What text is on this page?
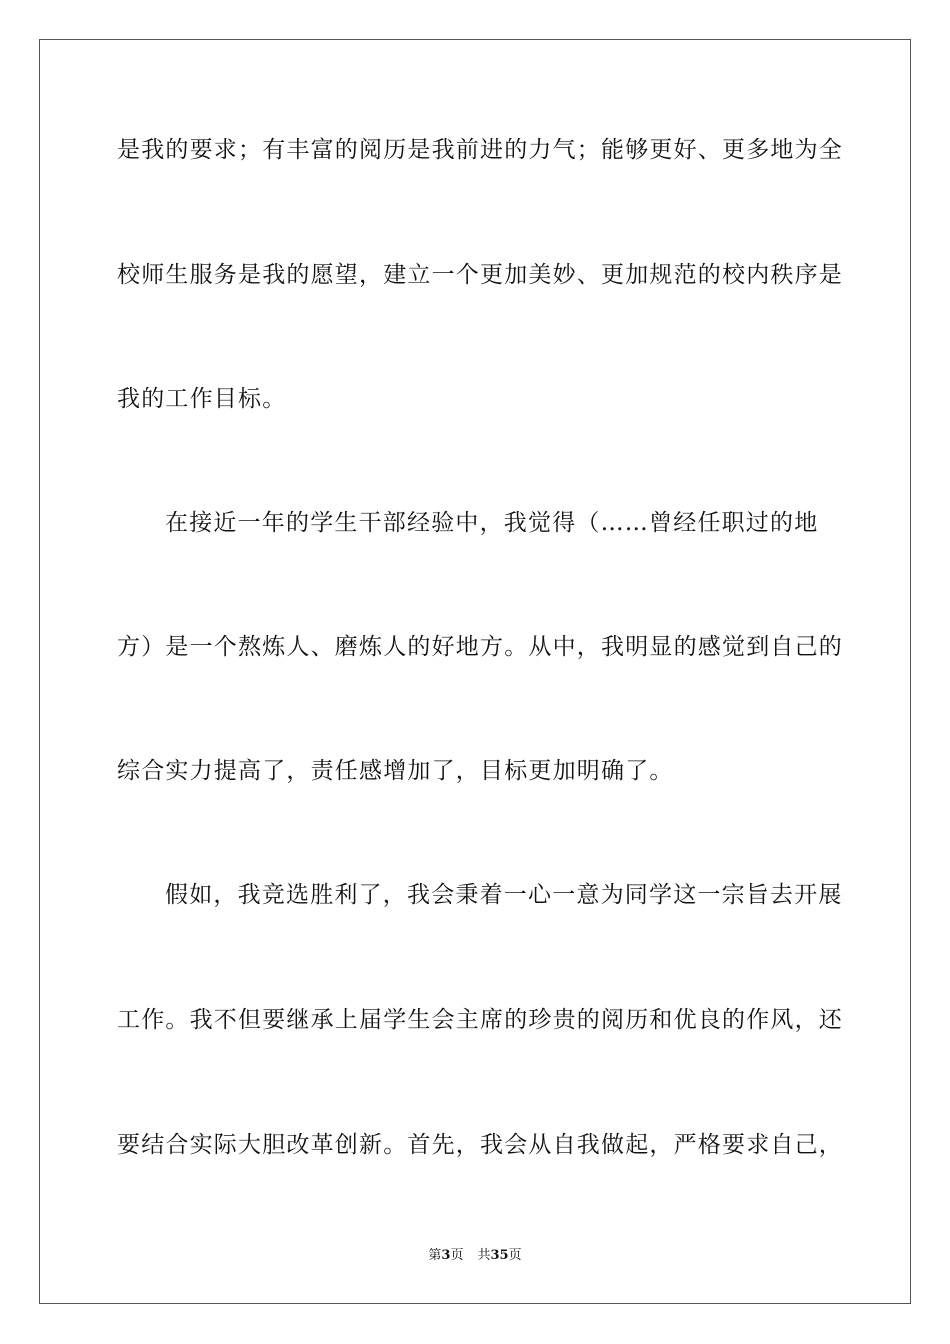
是我的要求；有丰富的阅历是我前进的力气；能够更好、更多地为全
校师生服务是我的愿望，建立一个更加美妙、更加规范的校内秩序是
我的工作目标。
在接近一年的学生干部经验中，我觉得（……曾经任职过的地
方）是一个熬炼人、磨炼人的好地方。从中，我明显的感觉到自己的
综合实力提高了，责任感增加了，目标更加明确了。
假如，我竞选胜利了，我会秉着一心一意为同学这一宗旨去开展
工作。我不但要继承上届学生会主席的珍贵的阅历和优良的作风，还
要结合实际大胆改革创新。首先，我会从自我做起，严格要求自己，
第3页 共35页
